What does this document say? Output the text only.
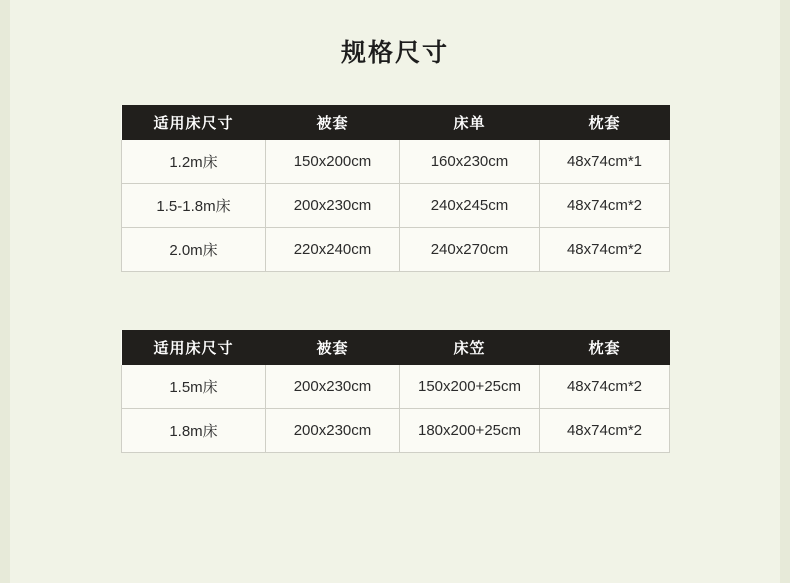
规格尺寸
适用床尺寸	被套	床单	枕套
1.2m床	150x200cm	160x230cm	48x74cm*1
1.5-1.8m床	200x230cm	240x245cm	48x74cm*2
2.0m床	220x240cm	240x270cm	48x74cm*2
适用床尺寸	被套	床笠	枕套
1.5m床	200x230cm	150x200+25cm	48x74cm*2
1.8m床	200x230cm	180x200+25cm	48x74cm*2
